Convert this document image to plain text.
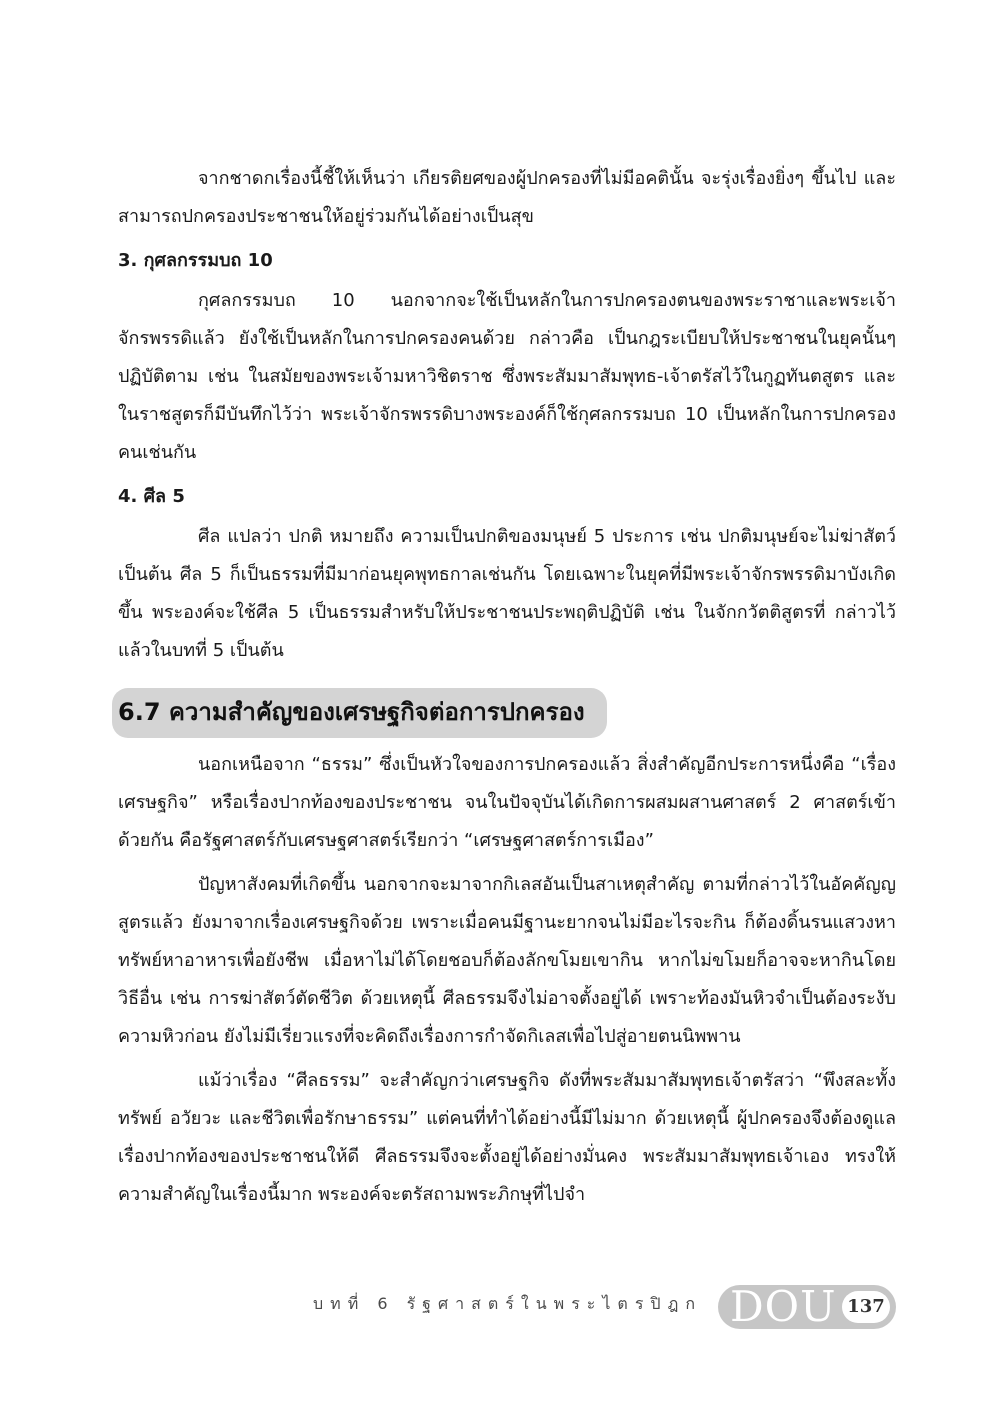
จากชาดกเรื่องนี้ชี้ให้เห็นว่า เกียรติยศของผู้ปกครองที่ไม่มีอคตินั้น จะรุ่งเรื่องยิ่งๆ ขึ้นไป และสามารถปกครองประชาชนให้อยู่ร่วมกันได้อย่างเป็นสุข

3. กุศลกรรมบถ 10

กุศลกรรมบถ 10 นอกจากจะใช้เป็นหลักในการปกครองตนของพระราชาและพระเจ้าจักรพรรดิแล้ว ยังใช้เป็นหลักในการปกครองคนด้วย กล่าวคือ เป็นกฎระเบียบให้ประชาชนในยุคนั้นๆ ปฏิบัติตาม เช่น ในสมัยของพระเจ้ามหาวิชิตราช ซึ่งพระสัมมาสัมพุทธ-เจ้าตรัสไว้ในกูฏทันตสูตร และในราชสูตรก็มีบันทึกไว้ว่า พระเจ้าจักรพรรดิบางพระองค์ก็ใช้กุศลกรรมบถ 10 เป็นหลักในการปกครองคนเช่นกัน

4. ศีล 5

ศีล แปลว่า ปกติ หมายถึง ความเป็นปกติของมนุษย์ 5 ประการ เช่น ปกติมนุษย์จะไม่ฆ่าสัตว์ เป็นต้น ศีล 5 ก็เป็นธรรมที่มีมาก่อนยุคพุทธกาลเช่นกัน โดยเฉพาะในยุคที่มีพระเจ้าจักรพรรดิมาบังเกิดขึ้น พระองค์จะใช้ศีล 5 เป็นธรรมสำหรับให้ประชาชนประพฤติปฏิบัติ เช่น ในจักกวัตติสูตรที่ กล่าวไว้แล้วในบทที่ 5 เป็นต้น

6.7 ความสำคัญของเศรษฐกิจต่อการปกครอง

นอกเหนือจาก “ธรรม” ซึ่งเป็นหัวใจของการปกครองแล้ว สิ่งสำคัญอีกประการหนึ่งคือ “เรื่องเศรษฐกิจ” หรือเรื่องปากท้องของประชาชน จนในปัจจุบันได้เกิดการผสมผสานศาสตร์ 2 ศาสตร์เข้าด้วยกัน คือรัฐศาสตร์กับเศรษฐศาสตร์เรียกว่า “เศรษฐศาสตร์การเมือง”

ปัญหาสังคมที่เกิดขึ้น นอกจากจะมาจากกิเลสอันเป็นสาเหตุสำคัญ ตามที่กล่าวไว้ในอัคคัญญสูตรแล้ว ยังมาจากเรื่องเศรษฐกิจด้วย เพราะเมื่อคนมีฐานะยากจนไม่มีอะไรจะกิน ก็ต้องดิ้นรนแสวงหาทรัพย์หาอาหารเพื่อยังชีพ เมื่อหาไม่ได้โดยชอบก็ต้องลักขโมยเขากิน หากไม่ขโมยก็อาจจะหากินโดยวิธีอื่น เช่น การฆ่าสัตว์ตัดชีวิต ด้วยเหตุนี้ ศีลธรรมจึงไม่อาจตั้งอยู่ได้ เพราะท้องมันหิวจำเป็นต้องระงับความหิวก่อน ยังไม่มีเรี่ยวแรงที่จะคิดถึงเรื่องการกำจัดกิเลสเพื่อไปสู่อายตนนิพพาน

แม้ว่าเรื่อง “ศีลธรรม” จะสำคัญกว่าเศรษฐกิจ ดังที่พระสัมมาสัมพุทธเจ้าตรัสว่า “พึงสละทั้งทรัพย์ อวัยวะ และชีวิตเพื่อรักษาธรรม” แต่คนที่ทำได้อย่างนี้มีไม่มาก ด้วยเหตุนี้ ผู้ปกครองจึงต้องดูแลเรื่องปากท้องของประชาชนให้ดี ศีลธรรมจึงจะตั้งอยู่ได้อย่างมั่นคง พระสัมมาสัมพุทธเจ้าเอง ทรงให้ความสำคัญในเรื่องนี้มาก พระองค์จะตรัสถามพระภิกษุที่ไปจำ

บทที่ 6 รัฐศาสตร์ในพระไตรปิฎก DOU 137
